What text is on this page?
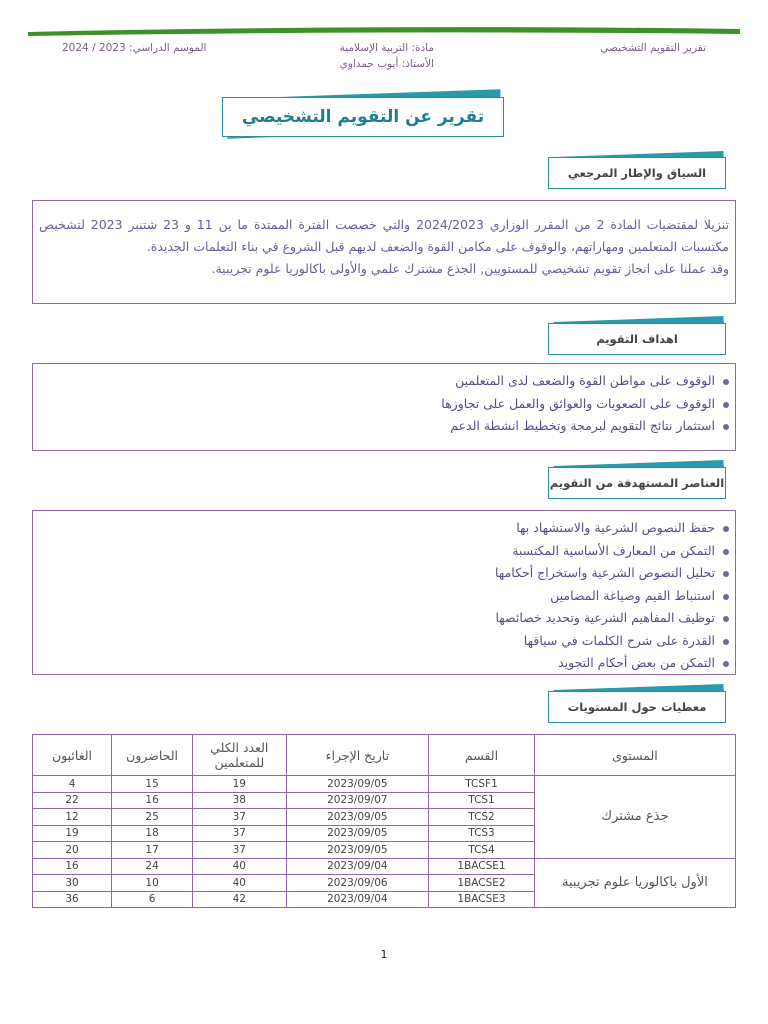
تقرير التقويم التشخيصي
مادة: التربية الإسلامية
الأستاذ: أيوب حمداوي
الموسم الدراسي: 2023 / 2024
تقرير عن التقويم التشخيصي
السياق والإطار المرجعي

تنزيلا لمقتضيات المادة 2 من المقرر الوزاري 2024/2023 والتي خصصت الفترة الممتدة ما ين 11 و 23 شتنبر 2023 لتشخيص مكتسبات المتعلمين ومهاراتهم، والوقوف على مكامن القوة والضعف لديهم قبل الشروع في بناء التعلمات الجديدة.

وقد عملنا على انجاز تقويم تشخيصي للمستويين, الجذع مشترك علمي والأولى باكالوريا علوم تجريبية.

اهداف التقويم
الوقوف على مواطن القوة والضعف لدى المتعلمين
الوقوف على الصعوبات والعوائق والعمل على تجاوزها
استثمار نتائج التقويم لبرمجة وتخطيط انشطة الدعم
العناصر المستهدفة من التقويم
حفظ النصوص الشرعية والاستشهاد بها
التمكن من المعارف الأساسية المكتسبة
تحليل النصوص الشرعية واستخراج أحكامها
استنباط القيم وصياغة المضامين
توظيف المفاهيم الشرعية وتحديد خصائصها
القدرة على شرح الكلمات في سياقها
التمكن من بعض أحكام التجويد
معطيات حول المستويات
المستوى	القسم	تاريخ الإجراء	العدد الكلي للمتعلمين	الحاضرون	الغائبون
جذع مشترك	TCSF1	2023/09/05	19	15	4
	TCS1	2023/09/07	38	16	22
	TCS2	2023/09/05	37	25	12
	TCS3	2023/09/05	37	18	19
	TCS4	2023/09/05	37	17	20
الأول باكالوريا علوم تجريبية	1BACSE1	2023/09/04	40	24	16
	1BACSE2	2023/09/06	40	10	30
	1BACSE3	2023/09/04	42	6	36
1
